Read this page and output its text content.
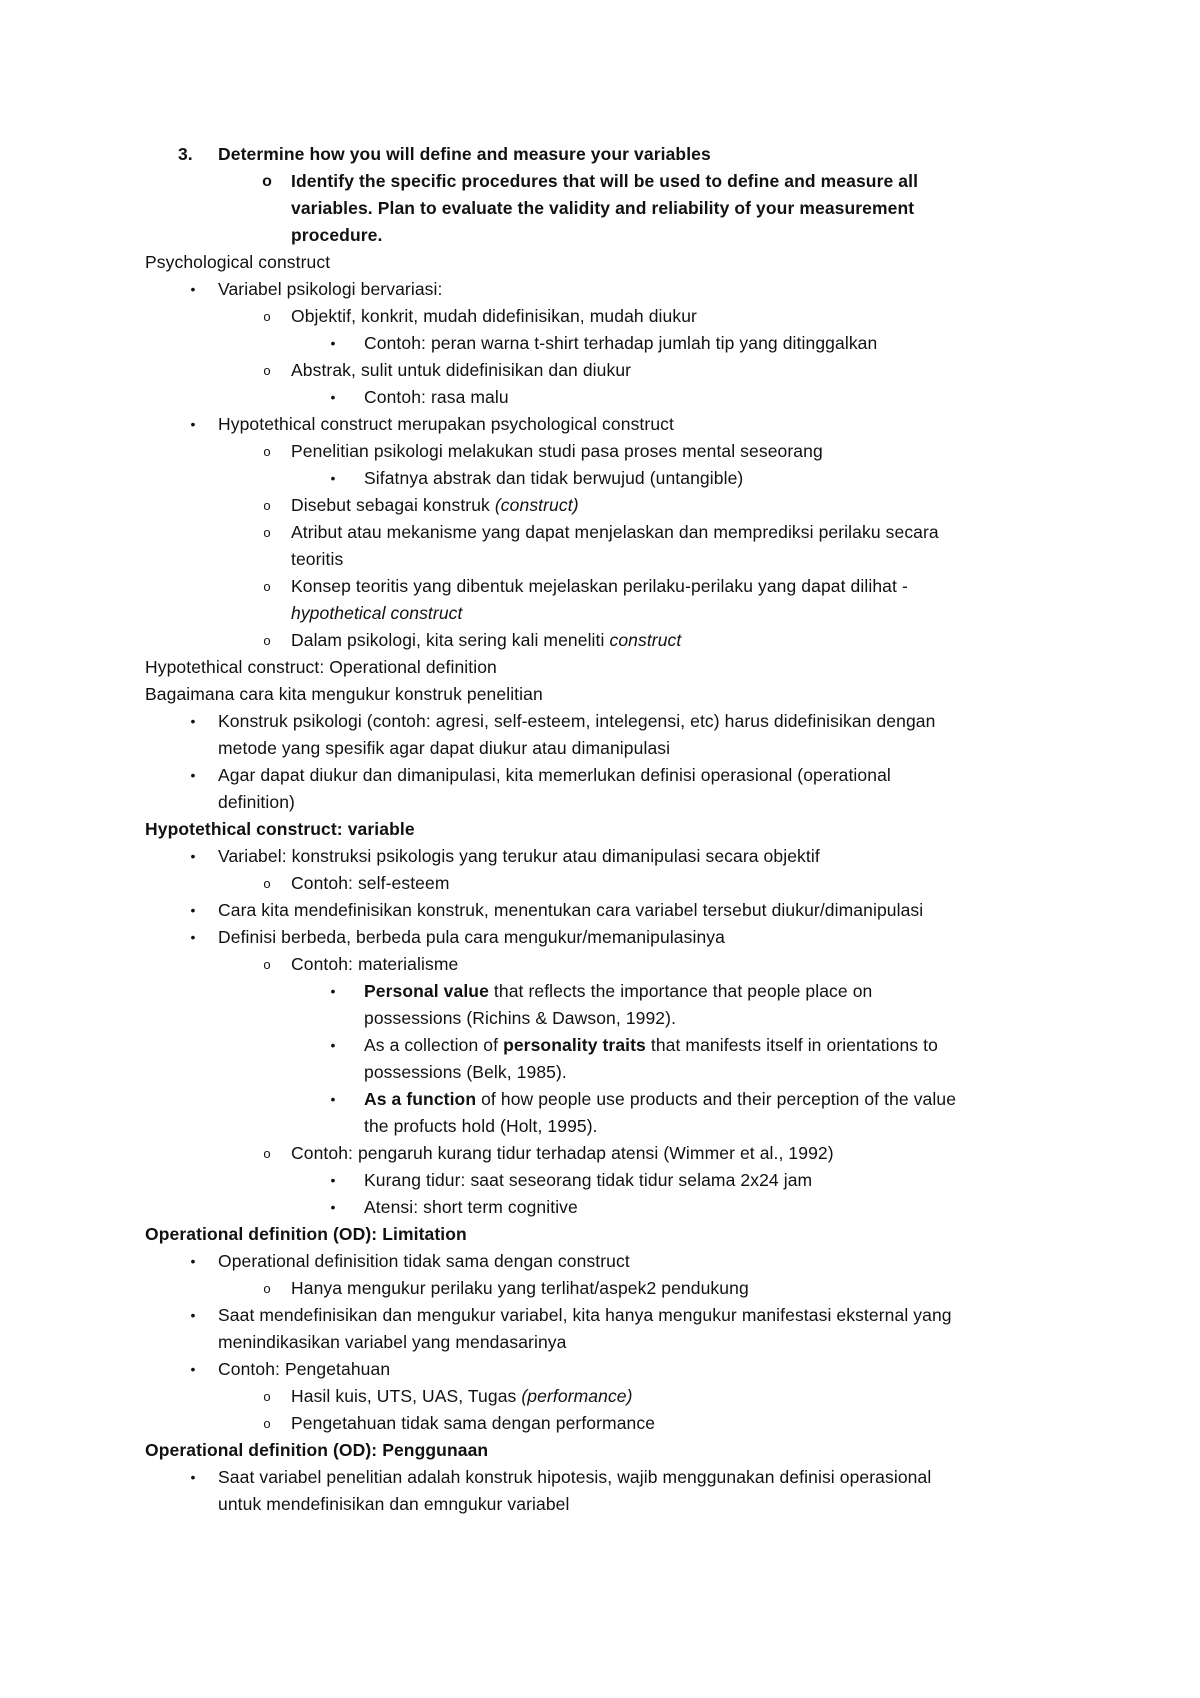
3.	Determine how you will define and measure your variables
o Identify the specific procedures that will be used to define and measure all
variables. Plan to evaluate the validity and reliability of your measurement
procedure.
Psychological construct
•	Variabel psikologi bervariasi:
o	Objektif, konkrit, mudah didefinisikan, mudah diukur
•	Contoh: peran warna t-shirt terhadap jumlah tip yang ditinggalkan
o	Abstrak, sulit untuk didefinisikan dan diukur
•	Contoh: rasa malu
•	Hypotethical construct merupakan psychological construct
o	Penelitian psikologi melakukan studi pasa proses mental seseorang
•	Sifatnya abstrak dan tidak berwujud (untangible)
o	Disebut sebagai konstruk (construct)
o	Atribut atau mekanisme yang dapat menjelaskan dan memprediksi perilaku secara
teoritis
o	Konsep teoritis yang dibentuk mejelaskan perilaku-perilaku yang dapat dilihat -
hypothetical construct
o	Dalam psikologi, kita sering kali meneliti construct
Hypotethical construct: Operational definition
Bagaimana cara kita mengukur konstruk penelitian
•	Konstruk psikologi (contoh: agresi, self-esteem, intelegensi, etc) harus didefinisikan dengan
metode yang spesifik agar dapat diukur atau dimanipulasi
•	Agar dapat diukur dan dimanipulasi, kita memerlukan definisi operasional (operational
definition)
Hypotethical construct: variable
•	Variabel: konstruksi psikologis yang terukur atau dimanipulasi secara objektif
o	Contoh: self-esteem
•	Cara kita mendefinisikan konstruk, menentukan cara variabel tersebut diukur/dimanipulasi
•	Definisi berbeda, berbeda pula cara mengukur/memanipulasinya
o	Contoh: materialisme
•	Personal value that reflects the importance that people place on
possessions (Richins & Dawson, 1992).
•	As a collection of personality traits that manifests itself in orientations to
possessions (Belk, 1985).
•	As a function of how people use products and their perception of the value
the profucts hold (Holt, 1995).
o	Contoh: pengaruh kurang tidur terhadap atensi (Wimmer et al., 1992)
•	Kurang tidur: saat seseorang tidak tidur selama 2x24 jam
•	Atensi: short term cognitive
Operational definition (OD): Limitation
•	Operational definisition tidak sama dengan construct
o	Hanya mengukur perilaku yang terlihat/aspek2 pendukung
•	Saat mendefinisikan dan mengukur variabel, kita hanya mengukur manifestasi eksternal yang
menindikasikan variabel yang mendasarinya
•	Contoh: Pengetahuan
o	Hasil kuis, UTS, UAS, Tugas (performance)
o	Pengetahuan tidak sama dengan performance
Operational definition (OD): Penggunaan
•	Saat variabel penelitian adalah konstruk hipotesis, wajib menggunakan definisi operasional
untuk mendefinisikan dan emngukur variabel
